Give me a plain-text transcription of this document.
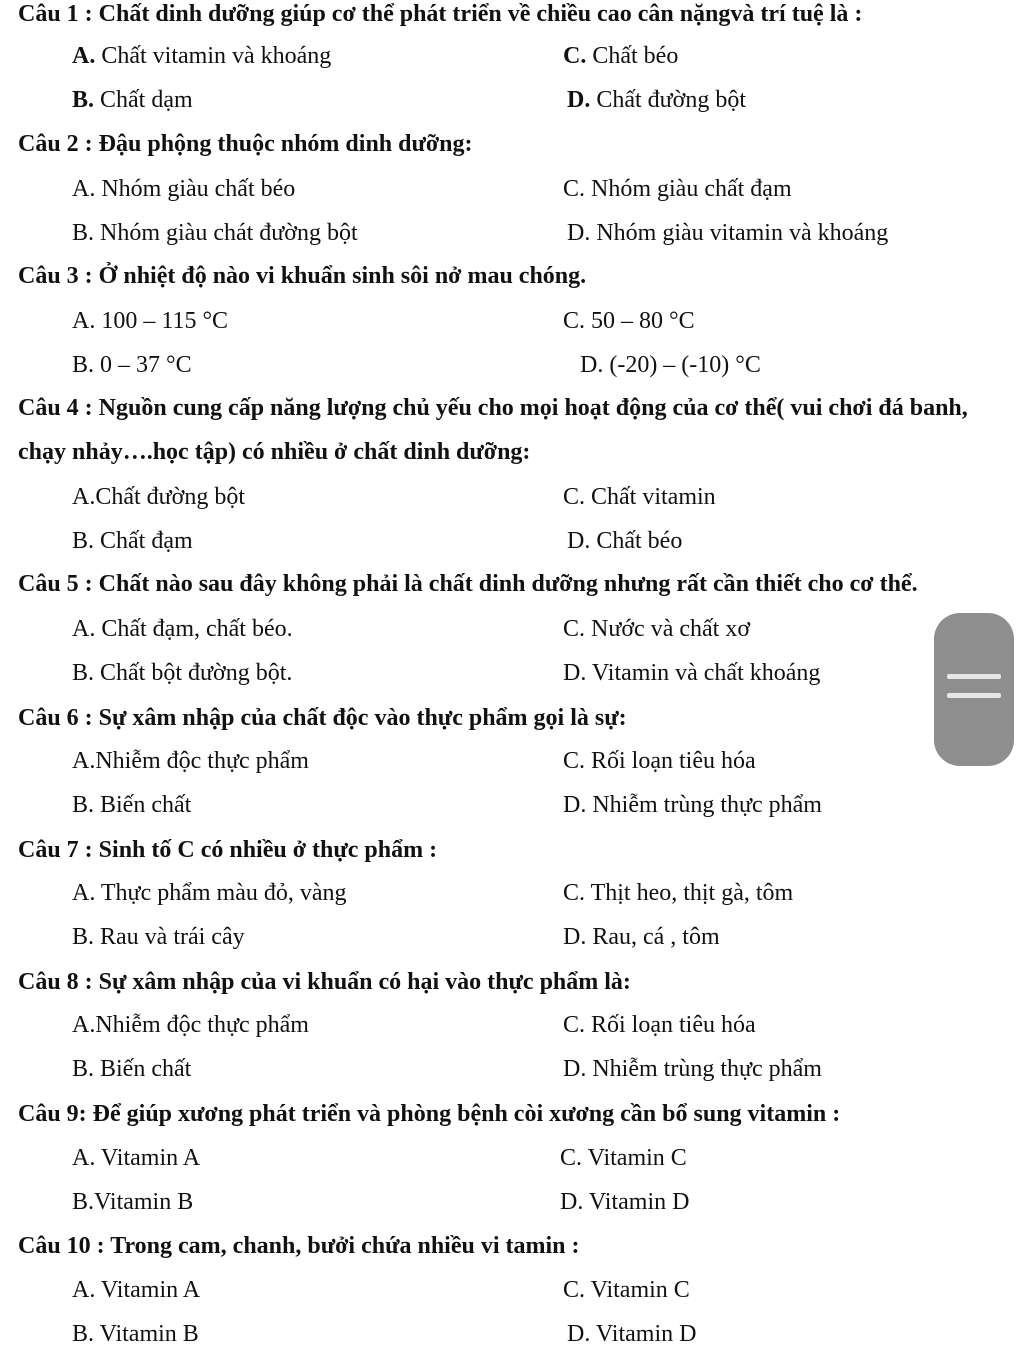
Câu 1 : Chất dinh dưỡng giúp cơ thể phát triển về chiều cao cân nặngvà trí tuệ là :
A. Chất vitamin và khoáng	C. Chất béo
B. Chất dạm	D. Chất đường bột
Câu 2 : Đậu phộng thuộc nhóm dinh dưỡng:
A. Nhóm giàu chất béo	C. Nhóm giàu chất đạm
B. Nhóm giàu chát đường bột	D. Nhóm giàu vitamin và khoáng
Câu 3 : Ở nhiệt độ nào vi khuẩn sinh sôi nở mau chóng.
A. 100 – 115 °C	C. 50 – 80 °C
B. 0 – 37 °C	D. (-20) – (-10) °C
Câu 4 : Nguồn cung cấp năng lượng chủ yếu cho mọi hoạt động của cơ thể( vui chơi đá banh, chạy nhảy….học tập) có nhiều ở chất dinh dưỡng:
A.Chất đường bột	C. Chất vitamin
B. Chất đạm	D. Chất béo
Câu 5 : Chất nào sau đây không phải là chất dinh dưỡng nhưng rất cần thiết cho cơ thể.
A. Chất đạm, chất béo.	C. Nước và chất xơ
B. Chất bột đường bột.	D. Vitamin và chất khoáng
Câu 6 : Sự xâm nhập của chất độc vào thực phẩm gọi là sự:
A.Nhiễm độc thực phẩm	C. Rối loạn tiêu hóa
B. Biến chất	D. Nhiễm trùng thực phẩm
Câu 7 : Sinh tố C có nhiều ở thực phẩm :
A. Thực phẩm màu đỏ, vàng	C. Thịt heo, thịt gà, tôm
B. Rau và trái cây	D. Rau, cá , tôm
Câu 8 : Sự xâm nhập của vi khuẩn có hại vào thực phẩm là:
A.Nhiễm độc thực phẩm	C. Rối loạn tiêu hóa
B. Biến chất	D. Nhiễm trùng thực phẩm
Câu 9: Để giúp xương phát triển và phòng bệnh còi xương cần bổ sung vitamin :
A. Vitamin A	C. Vitamin C
B.Vitamin B	D. Vitamin D
Câu 10 : Trong cam, chanh, bưởi chứa nhiều vi tamin :
A. Vitamin A	C. Vitamin C
B. Vitamin B	D. Vitamin D
